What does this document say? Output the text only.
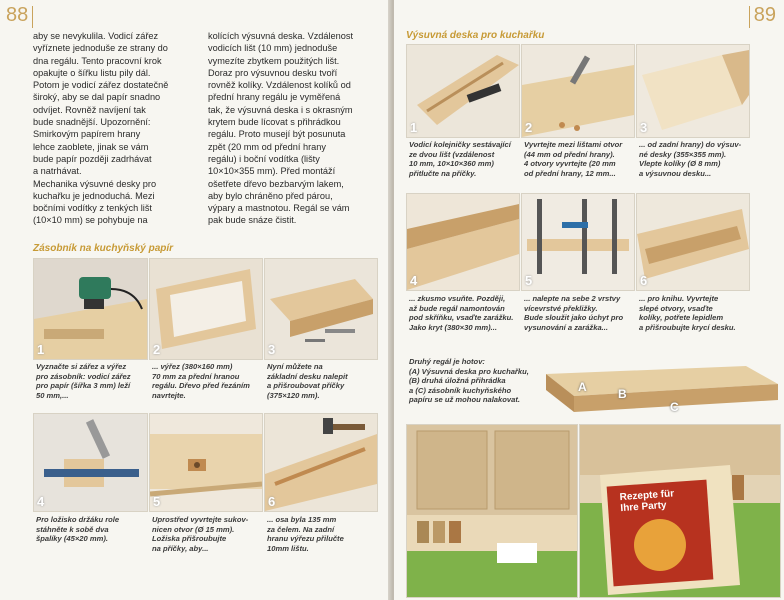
88
aby se nevykulila. Vodicí zářez
vyříznete jednoduše ze strany do
dna regálu. Tento pracovní krok
opakujte o šířku listu pily dál.
Potom je vodicí zářez dostatečně
široký, aby se dal papír snadno
odvíjet. Rovněž navíjení tak
bude snadnější. Upozornění:
Smirkovým papírem hrany
lehce zaoblete, jinak se vám
bude papír později zadrhávat
a natrhávat.
Mechanika výsuvné desky pro
kuchařku je jednoduchá. Mezi
bočními vodítky z tenkých lišt
(10×10 mm) se pohybuje na
kolících výsuvná deska. Vzdálenost
vodicích lišt (10 mm) jednoduše
vymezíte zbytkem použitých lišt.
Doraz pro výsuvnou desku tvoří
rovněž kolíky. Vzdálenost kolíků od
přední hrany regálu je vyměřená
tak, že výsuvná deska i s okrasným
krytem bude lícovat s přihrádkou
regálu. Proto musejí být posunuta
zpět (20 mm od přední hrany
regálu) i boční vodítka (lišty
10×10×355 mm). Před montáží
ošetřete dřevo bezbarvým lakem,
aby bylo chráněno před párou,
výpary a mastnotou. Regál se vám
pak bude snáze čistit.
Zásobník na kuchyňský papír
1	2	3
Vyznačte si zářez a výřez
pro zásobník: vodicí zářez
pro papír (šířka 3 mm) leží
50 mm,...
... výřez (380×160 mm)
70 mm za přední hranou
regálu. Dřevo před řezáním
navrtejte.
Nyní můžete na
základní desku nalepit
a přišroubovat příčky
(375×120 mm).
4	5	6
Pro ložisko držáku role
stáhněte k sobě dva
špalíky (45×20 mm).
Uprostřed vyvrtejte sukov-
nicen otvor (Ø 15 mm).
Ložiska přišroubujte
na příčky, aby...
... osa byla 135 mm
za čelem. Na zadní
hranu výřezu přilučte
10mm lištu.
89
Výsuvná deska pro kuchařku
1	2	3
Vodicí kolejničky sestávající
ze dvou lišt (vzdálenost
10 mm, 10×10×360 mm)
přitlučte na příčky.
Vyvrtejte mezi lištami otvor
(44 mm od přední hrany).
4 otvory vyvrtejte (20 mm
od přední hrany, 12 mm...
... od zadní hrany) do výsuv-
né desky (355×355 mm).
Vlepte kolíky (Ø 8 mm)
a výsuvnou desku...
4	5	6
... zkusmo vsuňte. Později,
až bude regál namontován
pod skříňku, vsaďte zarážku.
Jako kryt (380×30 mm)...
... nalepte na sebe 2 vrstvy
vícevrstvé překližky.
Bude sloužit jako úchyt pro
vysunování a zarážka...
... pro knihu. Vyvrtejte
slepé otvory, vsaďte
kolíky, potřete lepidlem
a přišroubujte krycí desku.
Druhý regál je hotov:
(A) Výsuvná deska pro kuchařku,
(B) druhá úložná přihrádka
a (C) zásobník kuchyňského
papíru se už mohou nalakovat.
A	B
C
Rezepte für
Ihre Party
